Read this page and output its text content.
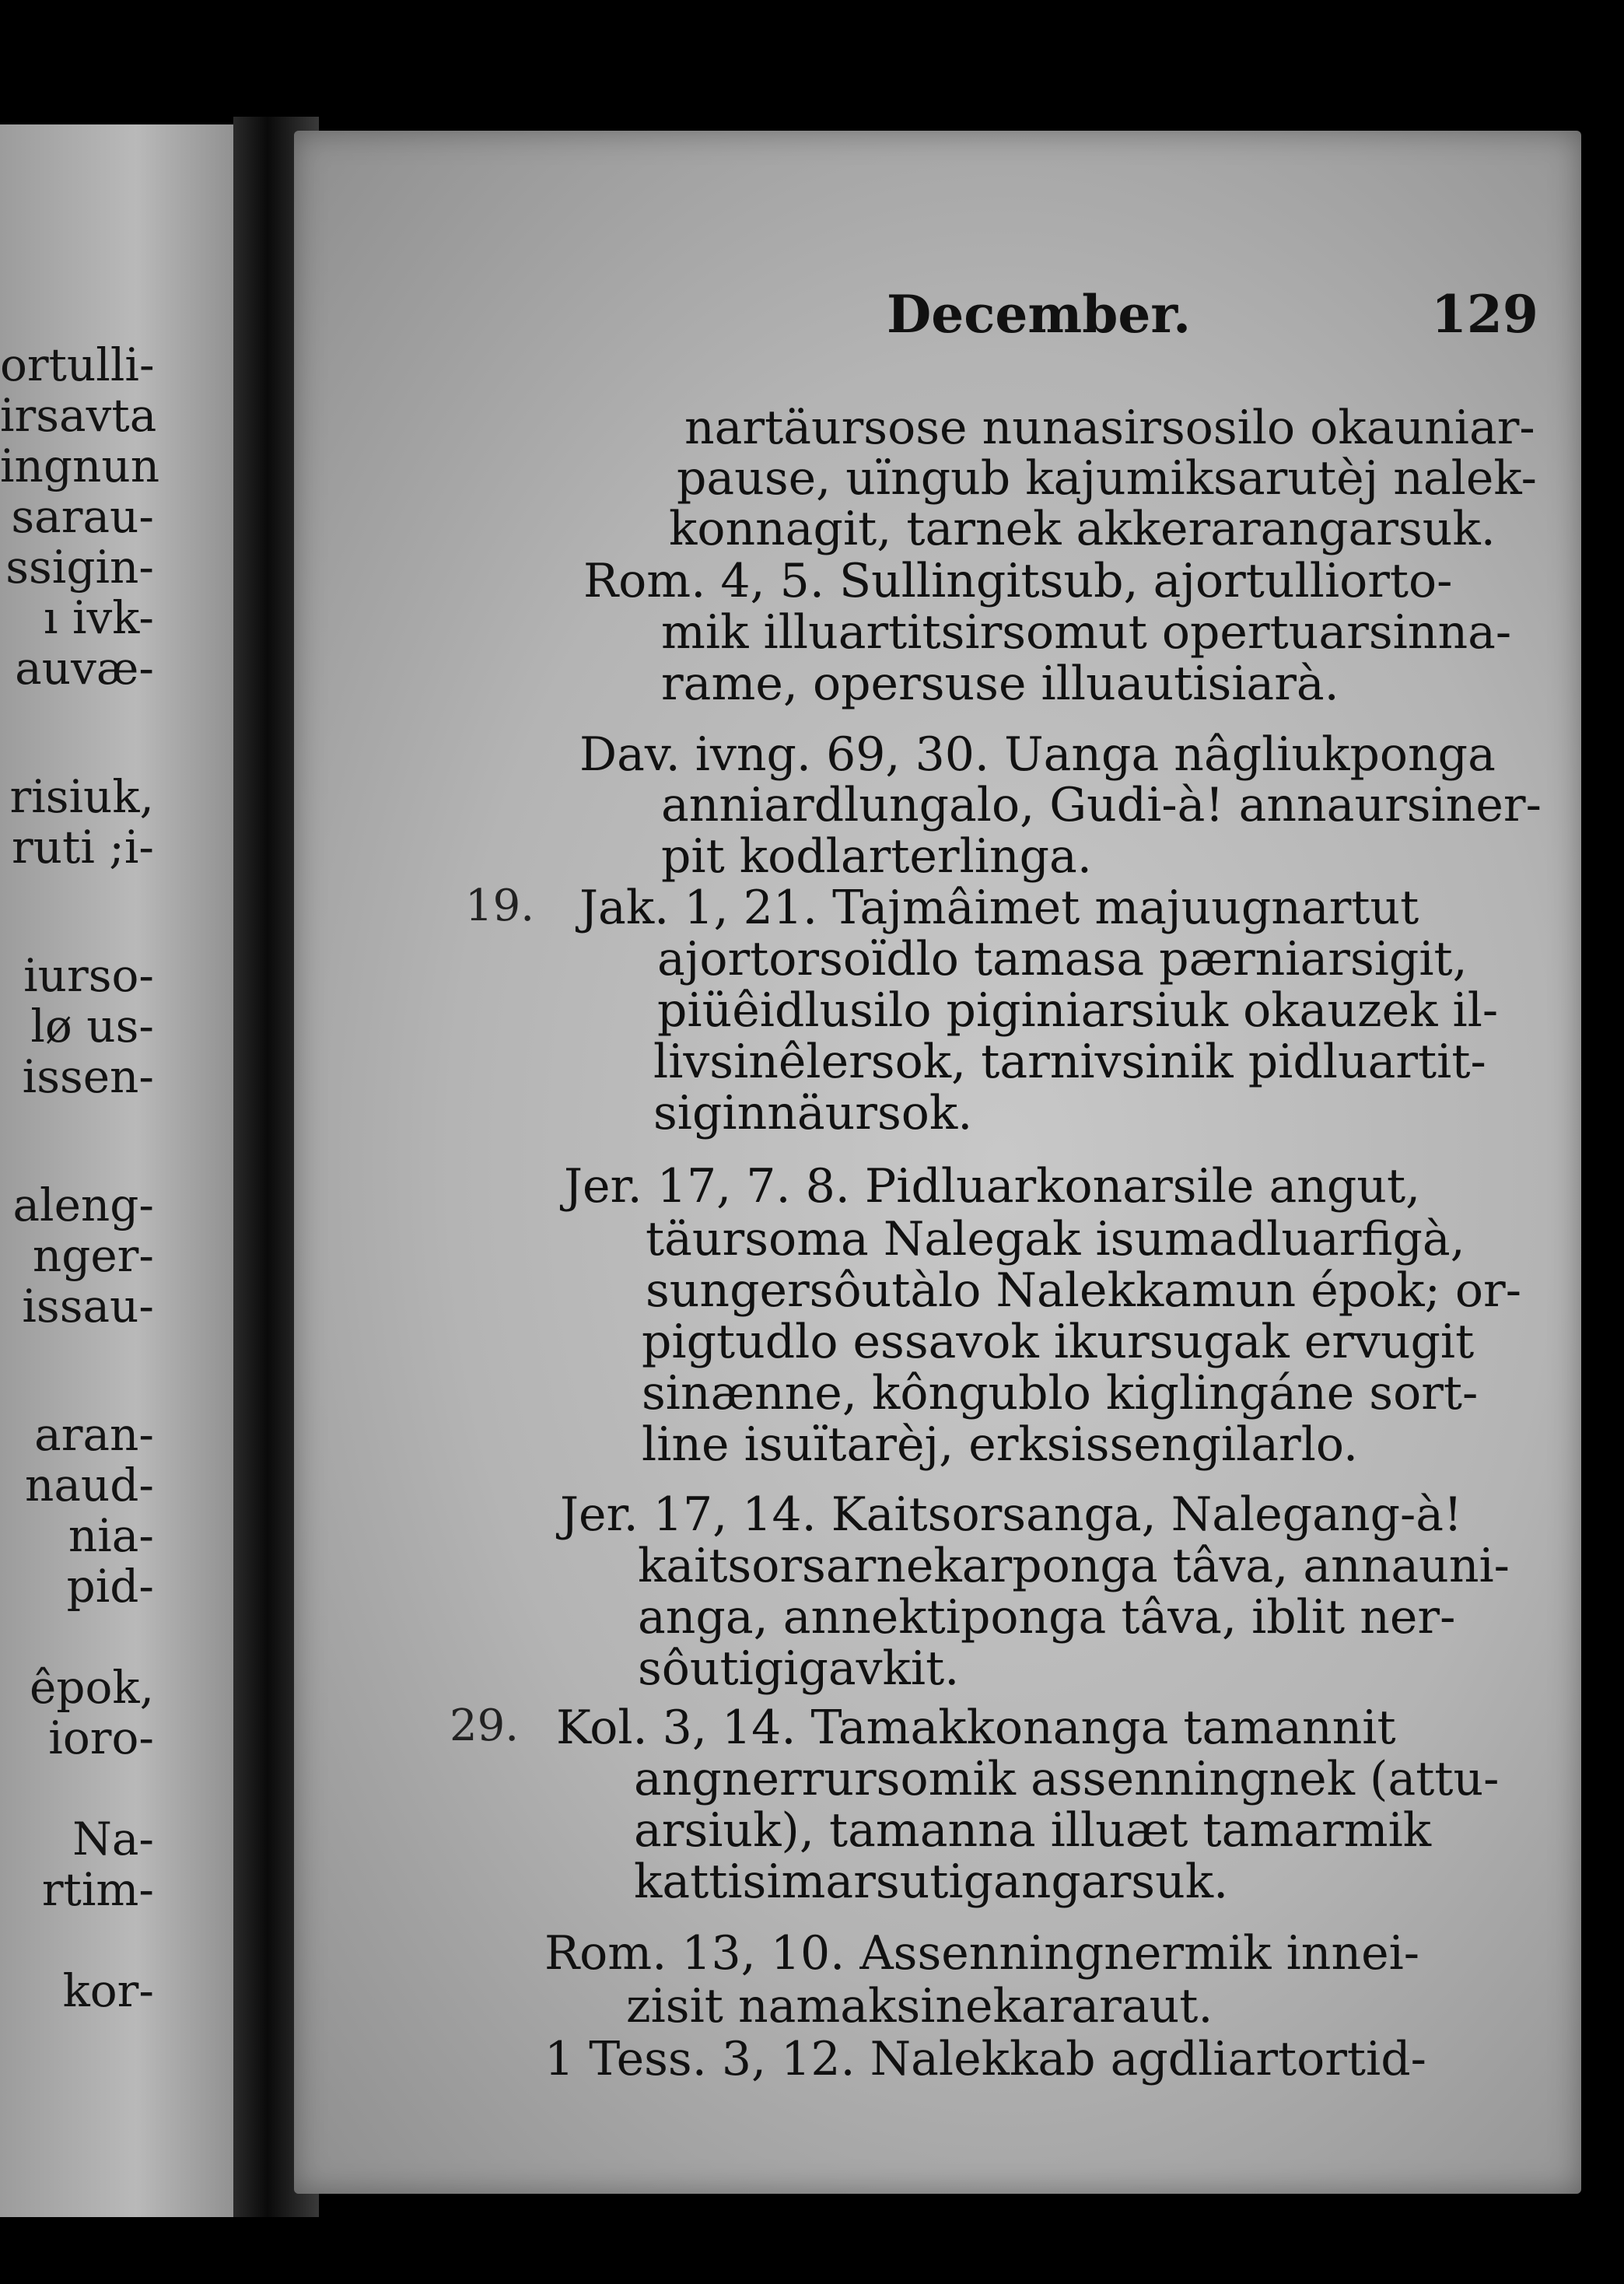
ortulli-
irsavta
ingnun
sarau-
ssigin-
ı ivk-
auvæ-
risiuk,
ruti ;i-
iursо-
lø us-
issen-
aleng-
nger-
issau-
aran-
naud-
nia-
pid-
êpok,
ioro-
Na-
rtim-
kor-
December.	129
nartäursose nunasirsosilo okauniar-
pause, uïngub kajumiksarutèj nalek-
konnagit, tarnek akkerarangarsuk.
Rom. 4, 5. Sullingitsub, ajortulliorto-
mik illuartitsirsomut opertuarsinna-
rame, opersuse illuautisiarà.
Dav. ivng. 69, 30. Uanga nâgliukponga
anniardlungalo, Gudi-à! annaursiner-
pit kodlarterlinga.
19. Jak. 1, 21. Tajmâimet majuugnartut
ajortorsoïdlo tamasa pærniarsigit,
piüêidlusilo piginiarsiuk okauzek il-
livsinêlersok, tarnivsinik pidluartit-
siginnäursok.
Jer. 17, 7. 8. Pidluarkonarsile angut,
täursoma Nalegak isumadluarfigà,
sungersôutàlo Nalekkamun épok; or-
pigtudlo essavok ikursugak ervugit
sinænne, kôngublo kiglingáne sort-
line isuïtarèj, erksissengilarlo.
Jer. 17, 14. Kaitsorsanga, Nalegang-à!
kaitsorsarnekarponga tâva, annauni-
anga, annektiponga tâva, iblit ner-
sôutigigavkit.
29. Kol. 3, 14. Tamakkonanga tamannit
angnerrursomik assenningnek (attu-
arsiuk), tamanna illuæt tamarmik
kattisimarsutigangarsuk.
Rom. 13, 10. Assenningnermik innei-
zisit namaksinekararaut.
1 Tess. 3, 12. Nalekkab agdliartortid-
